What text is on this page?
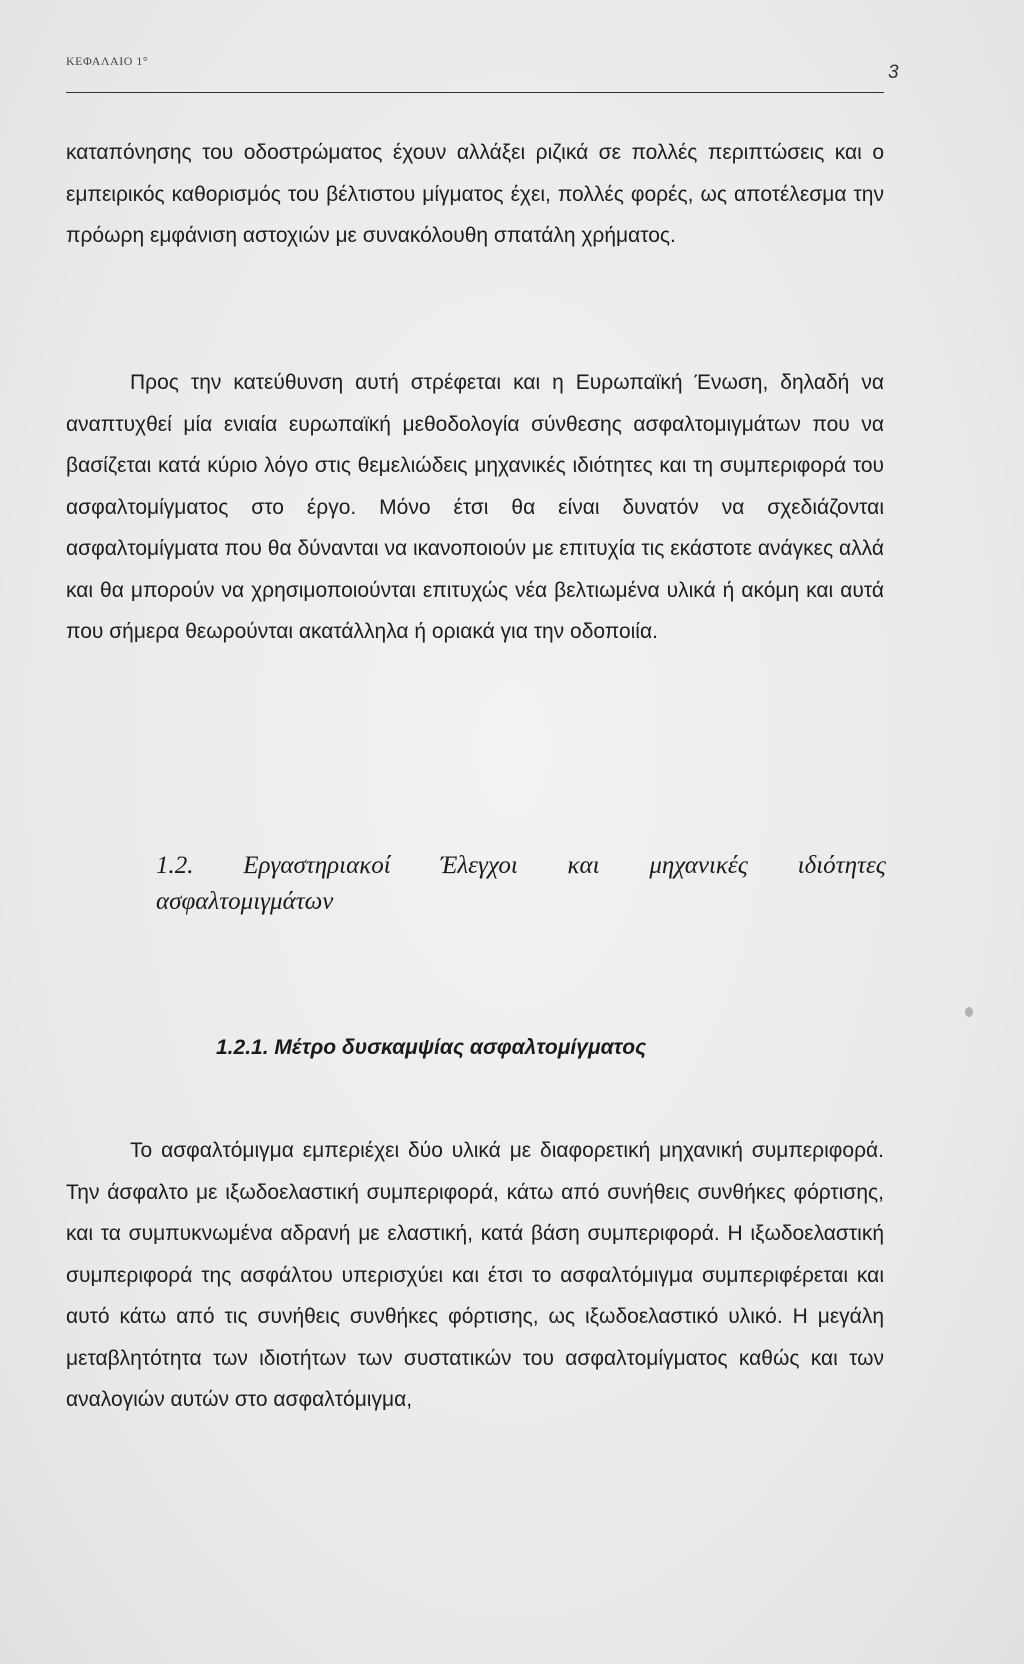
ΚΕΦΑΛΑΙΟ 1°
3

καταπόνησης του οδοστρώματος έχουν αλλάξει ριζικά σε πολλές περιπτώσεις και ο εμπειρικός καθορισμός του βέλτιστου μίγματος έχει, πολλές φορές, ως αποτέλεσμα την πρόωρη εμφάνιση αστοχιών με συνακόλουθη σπατάλη χρήματος.

Προς την κατεύθυνση αυτή στρέφεται και η Ευρωπαϊκή Ένωση, δηλαδή να αναπτυχθεί μία ενιαία ευρωπαϊκή μεθοδολογία σύνθεσης ασφαλτομιγμάτων που να βασίζεται κατά κύριο λόγο στις θεμελιώδεις μηχανικές ιδιότητες και τη συμπεριφορά του ασφαλτομίγματος στο έργο. Μόνο έτσι θα είναι δυνατόν να σχεδιάζονται ασφαλτομίγματα που θα δύνανται να ικανοποιούν με επιτυχία τις εκάστοτε ανάγκες αλλά και θα μπορούν να χρησιμοποιούνται επιτυχώς νέα βελτιωμένα υλικά ή ακόμη και αυτά που σήμερα θεωρούνται ακατάλληλα ή οριακά για την οδοποιία.

1.2. Εργαστηριακοί Έλεγχοι και μηχανικές ιδιότητες
ασφαλτομιγμάτων
1.2.1. Μέτρο δυσκαμψίας ασφαλτομίγματος

Το ασφαλτόμιγμα εμπεριέχει δύο υλικά με διαφορετική μηχανική συμπεριφορά. Την άσφαλτο με ιξωδοελαστική συμπεριφορά, κάτω από συνήθεις συνθήκες φόρτισης, και τα συμπυκνωμένα αδρανή με ελαστική, κατά βάση συμπεριφορά. Η ιξωδοελαστική συμπεριφορά της ασφάλτου υπερισχύει και έτσι το ασφαλτόμιγμα συμπεριφέρεται και αυτό κάτω από τις συνήθεις συνθήκες φόρτισης, ως ιξωδοελαστικό υλικό. Η μεγάλη μεταβλητότητα των ιδιοτήτων των συστατικών του ασφαλτομίγματος καθώς και των αναλογιών αυτών στο ασφαλτόμιγμα,
